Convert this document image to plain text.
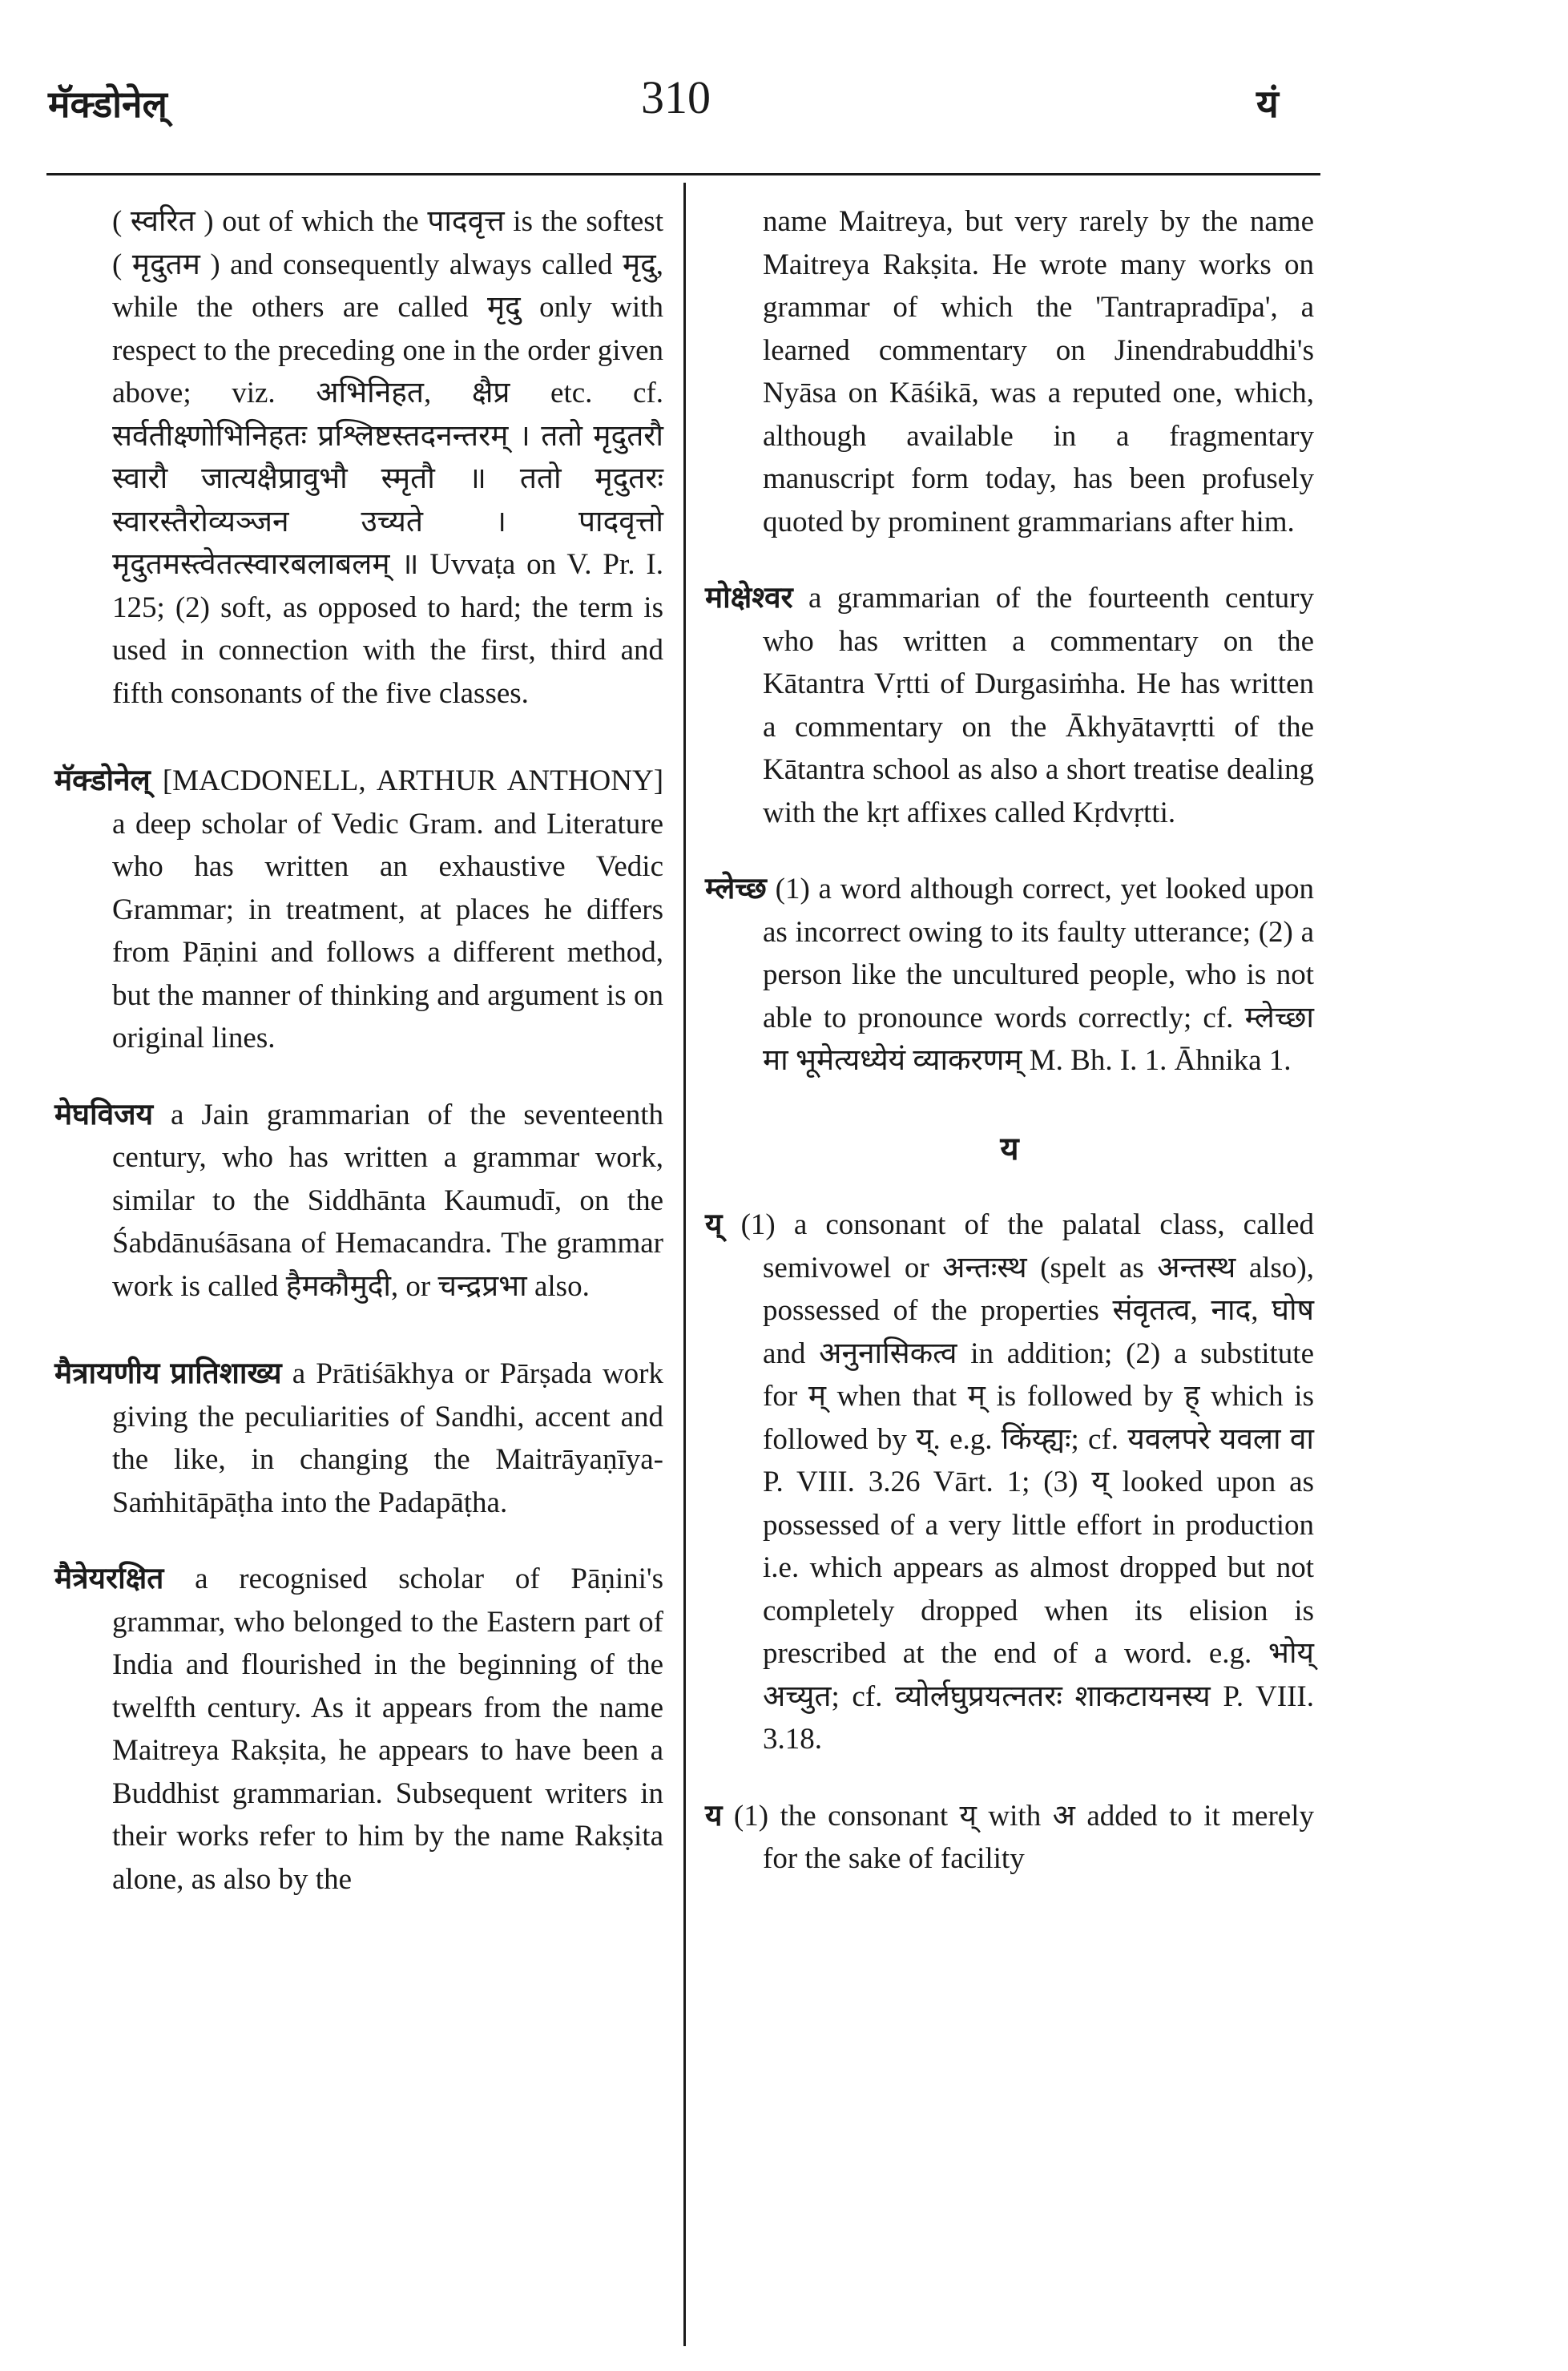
मॅक्डोनेल्	310	यं

( स्वरित ) out of which the पादवृत्त is the softest ( मृदुतम ) and consequently always called मृदु, while the others are called मृदु only with respect to the preceding one in the order given above; viz. अभिनिहत, क्षैप्र etc. cf. सर्वतीक्ष्णोभिनिहतः प्रश्लिष्टस्तदनन्तरम् । ततो मृदुतरौ स्वारौ जात्यक्षैप्रावुभौ स्मृतौ ॥ ततो मृदुतरः स्वारस्तैरोव्यञ्जन उच्यते । पादवृत्तो मृदुतमस्त्वेतत्स्वारबलाबलम् ॥ Uvvaṭa on V. Pr. I. 125; (2) soft, as opposed to hard; the term is used in connection with the first, third and fifth consonants of the five classes.

मॅक्डोनेल् [MACDONELL, ARTHUR ANTHONY] a deep scholar of Vedic Gram. and Literature who has written an exhaustive Vedic Grammar; in treatment, at places he differs from Pāṇini and follows a different method, but the manner of thinking and argument is on original lines.

मेघविजय a Jain grammarian of the seventeenth century, who has written a grammar work, similar to the Siddhānta Kaumudī, on the Śabdānuśāsana of Hemacandra. The grammar work is called हैमकौमुदी, or चन्द्रप्रभा also.

मैत्रायणीय प्रातिशाख्य a Prātiśākhya or Pārṣada work giving the peculiarities of Sandhi, accent and the like, in changing the Maitrāyaṇīya-Saṁhitāpāṭha into the Padapāṭha.

मैत्रेयरक्षित a recognised scholar of Pāṇini's grammar, who belonged to the Eastern part of India and flourished in the beginning of the twelfth century. As it appears from the name Maitreya Rakṣita, he appears to have been a Buddhist grammarian. Subsequent writers in their works refer to him by the name Rakṣita alone, as also by the

name Maitreya, but very rarely by the name Maitreya Rakṣita. He wrote many works on grammar of which the 'Tantrapradīpa', a learned commentary on Jinendrabuddhi's Nyāsa on Kāśikā, was a reputed one, which, although available in a fragmentary manuscript form today, has been profusely quoted by prominent grammarians after him.

मोक्षेश्वर a grammarian of the fourteenth century who has written a commentary on the Kātantra Vṛtti of Durgasiṁha. He has written a commentary on the Ākhyātavṛtti of the Kātantra school as also a short treatise dealing with the kṛt affixes called Kṛdvṛtti.

म्लेच्छ (1) a word although correct, yet looked upon as incorrect owing to its faulty utterance; (2) a person like the uncultured people, who is not able to pronounce words correctly; cf. म्लेच्छा मा भूमेत्यध्येयं व्याकरणम् M. Bh. I. 1. Āhnika 1.

य

य् (1) a consonant of the palatal class, called semivowel or अन्तःस्थ (spelt as अन्तस्थ also), possessed of the properties संवृतत्व, नाद, घोष and अनुनासिकत्व in addition; (2) a substitute for म् when that म् is followed by ह् which is followed by य्. e.g. किंय्ह्यः; cf. यवलपरे यवला वा P. VIII. 3.26 Vārt. 1; (3) य् looked upon as possessed of a very little effort in production i.e. which appears as almost dropped but not completely dropped when its elision is prescribed at the end of a word. e.g. भोय् अच्युत; cf. व्योर्लघुप्रयत्नतरः शाकटायनस्य P. VIII. 3.18.

य (1) the consonant य् with अ added to it merely for the sake of facility
